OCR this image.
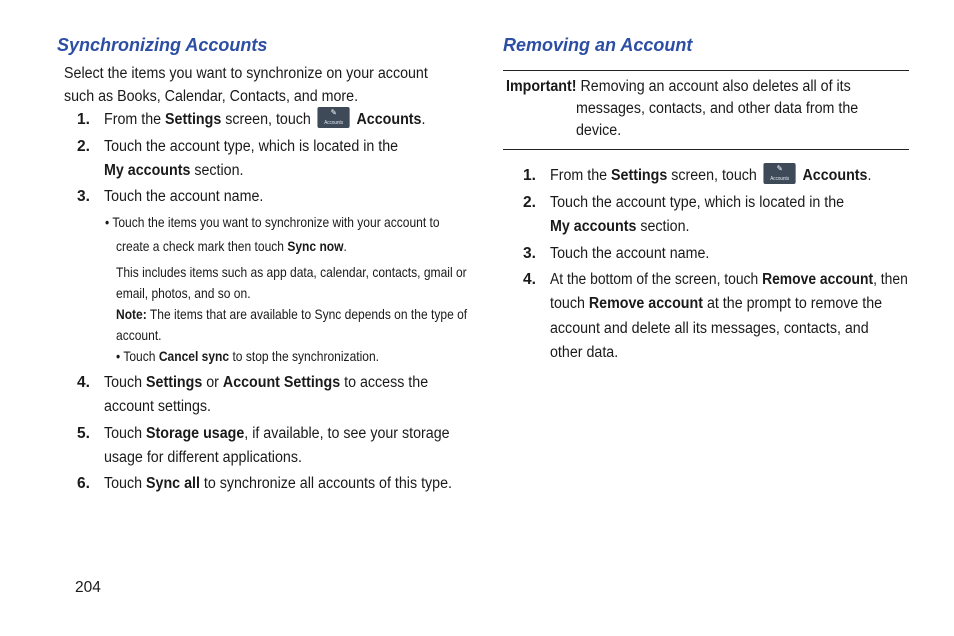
Synchronizing Accounts
Select the items you want to synchronize on your account
such as Books, Calendar, Contacts, and more.
1. From the Settings screen, touch	✎
Accounts Accounts.
2. Touch the account type, which is located in the
My accounts section.
3. Touch the account name.
• Touch the items you want to synchronize with your account to
create a check mark then touch Sync now.
This includes items such as app data, calendar, contacts, gmail or
email, photos, and so on.
Note: The items that are available to Sync depends on the type of
account.
• Touch Cancel sync to stop the synchronization.
4. Touch Settings or Account Settings to access the
account settings.
5. Touch Storage usage, if available, to see your storage
usage for different applications.
6. Touch Sync all to synchronize all accounts of this type.
204
Removing an Account
Important! Removing an account also deletes all of its
messages, contacts, and other data from the
device.
1. From the Settings screen, touch	✎
Accounts Accounts.
2. Touch the account type, which is located in the
My accounts section.
3. Touch the account name.
4. At the bottom of the screen, touch Remove account, then
touch Remove account at the prompt to remove the
account and delete all its messages, contacts, and
other data.
